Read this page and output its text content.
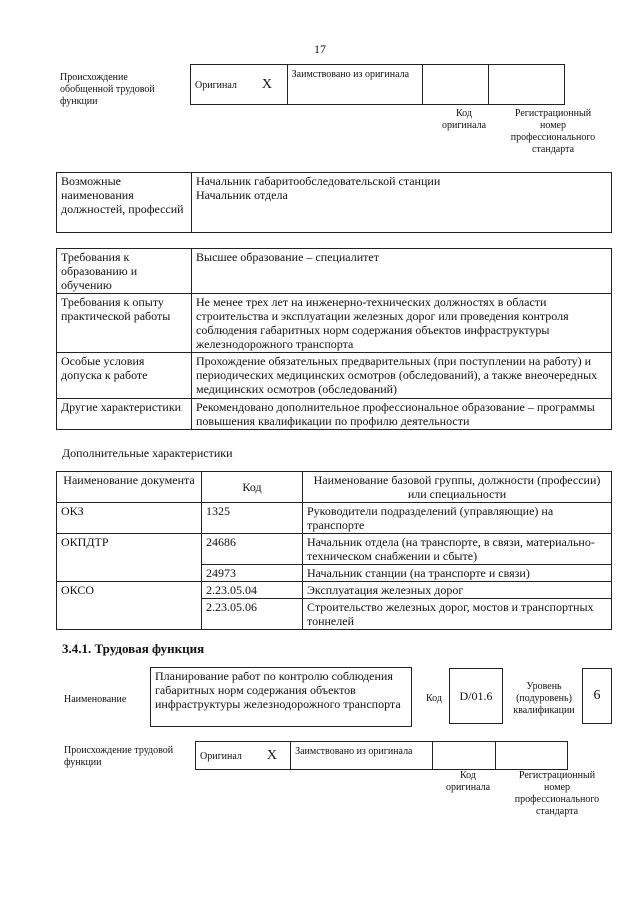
17
Происхождение обобщенной трудовой функции
Оригинал X	Заимствовано из оригинала		
Код оригинала
Регистрационный номер профессионального стандарта
Возможные наименования должностей, профессий	
Начальник габаритообследовательской станции
Начальник отдела
Требования к образованию и обучению	Высшее образование – специалитет
Требования к опыту практической работы	Не менее трех лет на инженерно-технических должностях в области строительства и эксплуатации железных дорог или проведения контроля соблюдения габаритных норм содержания объектов инфраструктуры железнодорожного транспорта
Особые условия допуска к работе	Прохождение обязательных предварительных (при поступлении на работу) и периодических медицинских осмотров (обследований), а также внеочередных медицинских осмотров (обследований)
Другие характеристики	Рекомендовано дополнительное профессиональное образование – программы повышения квалификации по профилю деятельности
Дополнительные характеристики
Наименование документа	Код	Наименование базовой группы, должности (профессии) или специальности
ОКЗ	1325	Руководители подразделений (управляющие) на транспорте
ОКПДТР	24686	Начальник отдела (на транспорте, в связи, материально-техническом снабжении и сбыте)
	24973	Начальник станции (на транспорте и связи)
ОКСО	2.23.05.04	Эксплуатация железных дорог
	2.23.05.06	Строительство железных дорог, мостов и транспортных тоннелей
3.4.1. Трудовая функция
Наименование
Планирование работ по контролю соблюдения габаритных норм содержания объектов инфраструктуры железнодорожного транспорта	Код	D/01.6
Уровень (подуровень) квалификации
6
Происхождение трудовой функции
Оригинал X	Заимствовано из оригинала		
Код оригинала
Регистрационный номер профессионального стандарта
